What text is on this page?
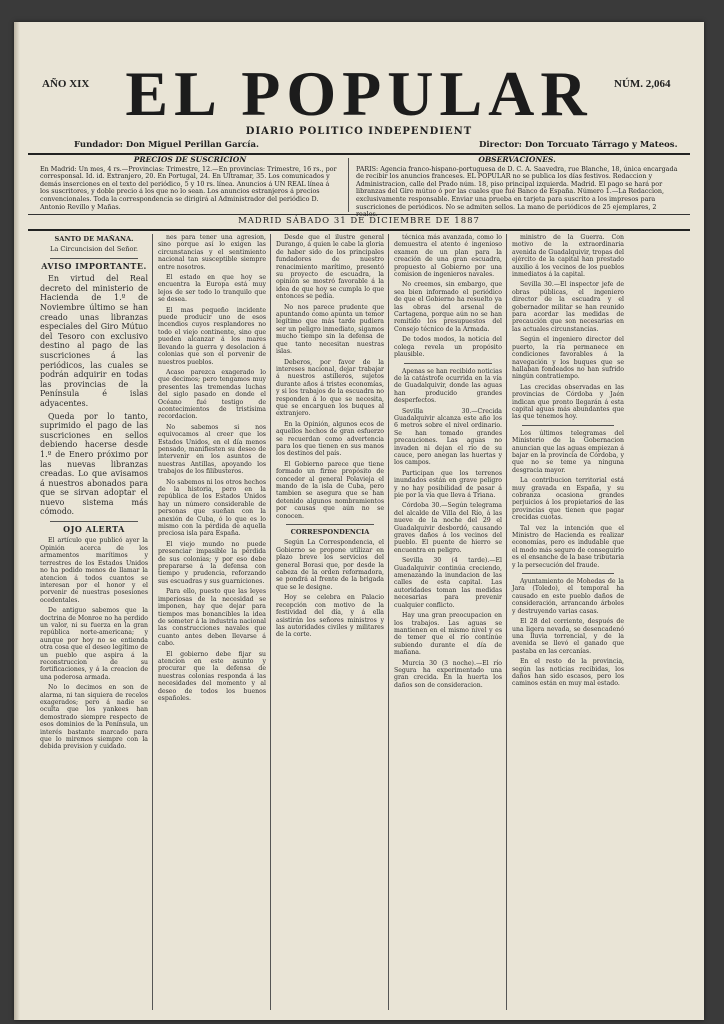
AÑO XIX EL POPULAR	NÚM. 2,064
DIARIO POLITICO INDEPENDIENT
Fundador: Don Miguel Perillan García.	Director: Don Torcuato Tárrago y Mateos.
PRECIOS DE SUSCRICION
En Madrid: Un mes, 4 rs.—Provincias: Trimestre, 12.—En provincias: Trimestre, 16 rs., por corresponsal. Id. id. Extranjero, 20. En Portugal, 24. En Ultramar, 35. Los comunicados y demás inserciones en el texto del periódico, 5 y 10 rs. línea. Anuncios á UN REAL línea á los suscritores, y doble precio á los que no lo sean. Los anuncios estranjeros á precios convencionales. Toda la correspondencia se dirigirá al Administrador del periódico D. Antonio Revillo y Mañas.
OBSERVACIONES.
PARIS: Agencia franco-hispano-portuguesa de D. C. A. Saavedra, rue Blanche, 18, única encargada de recibir los anuncios franceses. EL POPULAR no se publica los días festivos. Redaccion y Administracion, calle del Prado núm. 18, piso principal izquierda. Madrid. El pago se hará por libranzas del Giro mútuo ó por las cuales que fué Banco de España. Número 1.—La Redaccion, exclusivamente responsable. Enviar una prueba en tarjeta para suscrito a los impresos para suscriciones de periódicos. No se admiten sellos. La mano de periódicos de 25 ejemplares, 2 reales.
MADRID SÁBADO 31 DE DICIEMBRE DE 1887
SANTO DE MAÑANA.
La Circuncision del Señor.
AVISO IMPORTANTE.

En virtud del Real decreto del ministerio de Hacienda de 1.º de Noviembre último se han creado unas libranzas especiales del Giro Mútuo del Tesoro con exclusivo destino al pago de las suscriciones á las periódicos, las cuales se podrán adquirir en todas las provincias de la Península é islas adyacentes.

Queda por lo tanto, suprimido el pago de las suscriciones en sellos debiendo hacerse desde 1.º de Enero próximo por las nuevas libranzas creadas. Lo que avisamos á nuestros abonados para que se sirvan adoptar el nuevo sistema más cómodo.

OJO ALERTA

El artículo que publicó ayer la Opinión acerca de los armamentos marítimos y terrestres de los Estados Unidos no ha podido menos de llamar la atencion á todos cuantos se interesan por el honor y el porvenir de nuestras posesiones ocedentales.

De antiguo sabemos que la doctrina de Monroe no ha perdido un valor, ni su fuerza en la gran república norte-americana; y aunque por hoy no se entienda otra cosa que el deseo legítimo de un pueblo que aspira á la reconstruccion de su fortificaciones, y á la creacion de una poderosa armada.

No lo decimos en son de alarma, ni tan siquiera de recelos exagerados; pero á nadie se oculta que los yankees han demostrado siempre respecto de esos dominios de la Península, un interés bastante marcado para que lo miremos siempre con la debida prevision y cuidado.

nes para tener una agresion, sino porque así lo exigen las circunstancias y el sentimiento nacional tan susceptible siempre entre nosotros.

El estado en que hoy se encuentra la Europa está muy lejos de ser todo lo tranquilo que se desea.

El mas pequeño incidente puede producir uno de esos incendios cuyos resplandores no todo el viejo continente, sino que pueden alcanzar á los mares llevando la guerra y desolacion á colonias que son el porvenir de nuestros pueblos.

Acaso parezca exagerado lo que decimos; pero tengamos muy presentes las tremendas luchas del siglo pasado en donde el Océano fué testigo de acontecimientos de tristísima recordacion.

No sabemos si nos equivocamos al creer que los Estados Unidos, en el día menos pensado, manifiesten su deseo de intervenir en los asuntos de nuestras Antillas, apoyando los trabajos de los filibusteros.

No sabemos ni los otros hechos de la historia, pero en la república de los Estados Unidos hay un número considerable de personas que sueñan con la anexión de Cuba, ó lo que es lo mismo con la pérdida de aquella preciosa isla para España.

El viejo mundo no puede presenciar impasible la pérdida de sus colonias; y por eso debe prepararse á la defensa con tiempo y prudencia, reforzando sus escuadras y sus guarniciones.

Para ello, puesto que las leyes imperiosas de la necesidad se imponen, hay que dejar para tiempos mas bonancibles la idea de someter á la industria nacional las construcciones navales que cuanto antes deben llevarse á cabo.

El gobierno debe fijar su atencion en este asunto y procurar que la defensa de nuestras colonias responda á las necesidades del momento y al deseo de todos los buenos españoles.

Desde que el ilustre general Durango, á quien le cabe la gloria de haber sido de los principales fundadores de nuestro renacimiento marítimo, presentó su proyecto de escuadra, la opinión se mostró favorable á la idea de que hoy se cumpla lo que entonces se pedía.

No nos parece prudente que apuntando como apunta un temor legítimo que más tarde pudiera ser un peligro inmediato, sigamos mucho tiempo sin la defensa de que tanto necesitan nuestras islas.

Deberos, por favor de la intereses nacional, dejar trabajar á nuestros astilleros, sujetos durante años á tristes economías, y si los trabajos de la escuadra no responden á lo que se necesita, que se encarguen los buques al extranjero.

En la Opinión, algunos ecos de aquellos hechos de gran esfuerzo se recuerdan como advertencia para los que tienen en sus manos los destinos del país.

El Gobierno parece que tiene formado un firme propósito de conceder al general Polavieja el mando de la isla de Cuba, pero tambien se asegura que se han detenido algunos nombramientos por causas que aún no se conocen.

CORRESPONDENCIA

Según La Correspondencia, el Gobierno se propone utilizar en plazo breve los servicios del general Borasi que, por desde la cabeza de la orden reformadora, se pondrá al frente de la brigada que se le designe.

Hoy se celebra en Palacio recepción con motivo de la festividad del día, y á ella asistirán los señores ministros y las autoridades civiles y militares de la corte.

técnica más avanzada, como lo demuestra el atento é ingenioso examen de un plan para la creación de una gran escuadra, propuesto al Gobierno por una comision de ingenieros navales.

No creemos, sin embargo, que sea bien informado el periódico de que el Gobierno ha resuelto ya las obras del arsenal de Cartagena, porque aún no se han remitido los presupuestos del Consejo técnico de la Armada.

De todos modos, la noticia del colega revela un propósito plausible.

Apenas se han recibido noticias de la catástrofe ocurrida en la vía de Guadalquivir, donde las aguas han producido grandes desperfectos.

Sevilla 30.—Crecida Guadalquivir alcanza este año los 6 metros sobre el nivel ordinario. Se han tomado grandes precauciones. Las aguas no invaden ni dejan el río de su cauce, pero anegan las huertas y los campos.

Participan que los terrenos inundados están en grave peligro y no hay posibilidad de pasar á pie por la vía que lleva á Triana.

Córdoba 30.—Según telegrama del alcalde de Villa del Río, á las nueve de la noche del 29 el Guadalquivir desbordó, causando graves daños á los vecinos del pueblo. El puente de hierro se encuentra en peligro.

Sevilla 30 (4 tarde).—El Guadalquivir continúa creciendo, amenazando la inundacion de las calles de esta capital. Las autoridades toman las medidas necesarias para prevenir cualquier conflicto.

Hay una gran preocupacion en los trabajos. Las aguas se mantienen en el mismo nivel y es de temer que el río continúe subiendo durante el día de mañana.

Murcia 30 (3 noche).—El río Segura ha experimentado una gran crecida. En la huerta los daños son de consideracion.

ministro de la Guerra. Con motivo de la extraordinaria avenida de Guadalquivir, tropas del ejército de la capital han prestado auxilio á los vecinos de los pueblos inmediatos á la capital.

Sevilla 30.—El inspector jefe de obras públicas, el ingeniero director de la escuadra y el gobernador militar se han reunido para acordar las medidas de precaución que son necesarias en las actuales circunstancias.

Según el ingeniero director del puerto, la ria permanece en condiciones favorables á la navegación y los buques que se hallaban fondeados no han sufrido ningún contratiempo.

Las crecidas observadas en las provincias de Córdoba y Jaén indican que pronto llegarán á esta capital aguas más abundantes que las que tenemos hoy.

Los últimos telegramas del Ministerio de la Gobernacion anuncian que las aguas empiezan á bajar en la provincia de Córdoba, y que no se teme ya ninguna desgracia mayor.

La contribucion territorial está muy gravada en España, y su cobranza ocasiona grandes perjuicios á los propietarios de las provincias que tienen que pagar crecidas cuotas.

Tal vez la intención que el Ministro de Hacienda es realizar economías, pero es indudable que el modo más seguro de conseguirlo es el ensanche de la base tributaria y la persecución del fraude.

Ayuntamiento de Mohedas de la Jara (Toledo), el temporal ha causado en este pueblo daños de consideración, arrancando árboles y destruyendo varias casas.

El 28 del corriente, después de una ligera nevada, se desencadenó una lluvia torrencial, y de la avenida se llevó el ganado que pastaba en las cercanías.

En el resto de la provincia, según las noticias recibidas, los daños han sido escasos, pero los caminos están en muy mal estado.
